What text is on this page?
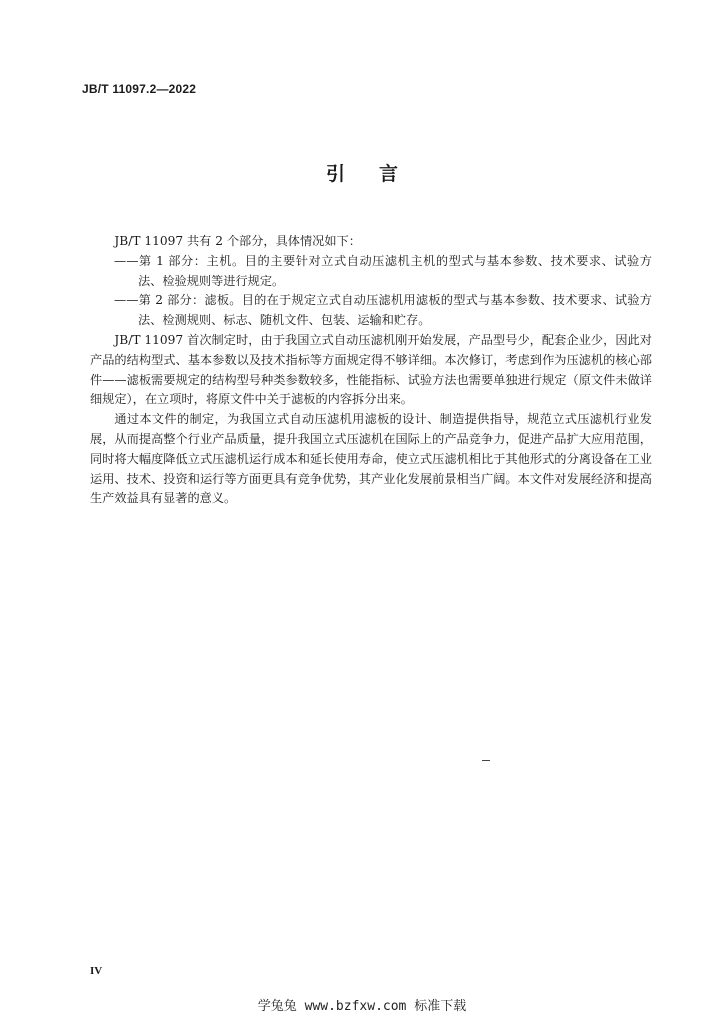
JB/T 11097.2—2022
引 言

JB/T 11097 共有 2 个部分，具体情况如下：

——第 1 部分：主机。目的主要针对立式自动压滤机主机的型式与基本参数、技术要求、试验方法、检验规则等进行规定。

——第 2 部分：滤板。目的在于规定立式自动压滤机用滤板的型式与基本参数、技术要求、试验方法、检测规则、标志、随机文件、包装、运输和贮存。

JB/T 11097 首次制定时，由于我国立式自动压滤机刚开始发展，产品型号少，配套企业少，因此对产品的结构型式、基本参数以及技术指标等方面规定得不够详细。本次修订，考虑到作为压滤机的核心部件——滤板需要规定的结构型号种类参数较多，性能指标、试验方法也需要单独进行规定（原文件未做详细规定），在立项时，将原文件中关于滤板的内容拆分出来。

通过本文件的制定，为我国立式自动压滤机用滤板的设计、制造提供指导，规范立式压滤机行业发展，从而提高整个行业产品质量，提升我国立式压滤机在国际上的产品竞争力，促进产品扩大应用范围，同时将大幅度降低立式压滤机运行成本和延长使用寿命，使立式压滤机相比于其他形式的分离设备在工业运用、技术、投资和运行等方面更具有竞争优势，其产业化发展前景相当广阔。本文件对发展经济和提高生产效益具有显著的意义。

IV
学兔兔 www.bzfxw.com 标准下载
